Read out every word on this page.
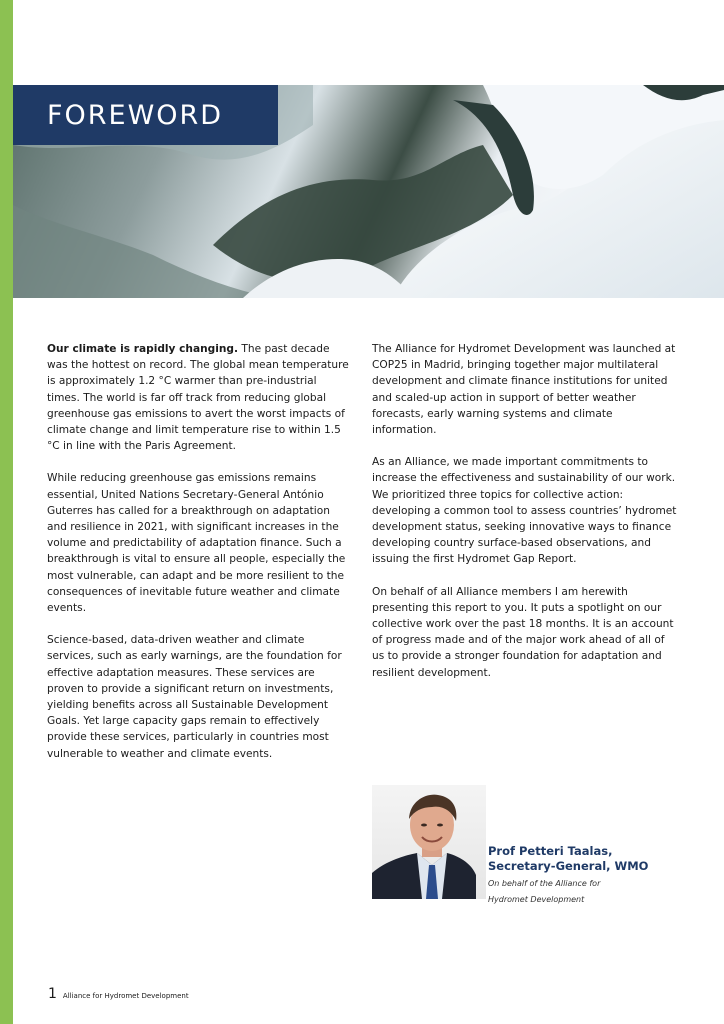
FOREWORD

Our climate is rapidly changing. The past decade was the hottest on record. The global mean temperature is approximately 1.2 °C warmer than pre-industrial times. The world is far off track from reducing global greenhouse gas emissions to avert the worst impacts of climate change and limit temperature rise to within 1.5 °C in line with the Paris Agreement.

While reducing greenhouse gas emissions remains essential, United Nations Secretary-General António Guterres has called for a breakthrough on adaptation and resilience in 2021, with significant increases in the volume and predictability of adaptation finance. Such a breakthrough is vital to ensure all people, especially the most vulnerable, can adapt and be more resilient to the consequences of inevitable future weather and climate events.

Science-based, data-driven weather and climate services, such as early warnings, are the foundation for effective adaptation measures. These services are proven to provide a significant return on investments, yielding benefits across all Sustainable Development Goals. Yet large capacity gaps remain to effectively provide these services, particularly in countries most vulnerable to weather and climate events.

The Alliance for Hydromet Development was launched at COP25 in Madrid, bringing together major multilateral development and climate finance institutions for united and scaled-up action in support of better weather forecasts, early warning systems and climate information.

As an Alliance, we made important commitments to increase the effectiveness and sustainability of our work. We prioritized three topics for collective action: developing a common tool to assess countries’ hydromet development status, seeking innovative ways to finance developing country surface-based observations, and issuing the first Hydromet Gap Report.

On behalf of all Alliance members I am herewith presenting this report to you. It puts a spotlight on our collective work over the past 18 months. It is an account of progress made and of the major work ahead of all of us to provide a stronger foundation for adaptation and resilient development.

Prof Petteri Taalas,
Secretary-General, WMO
On behalf of the Alliance for Hydromet Development
1 Alliance for Hydromet Development
